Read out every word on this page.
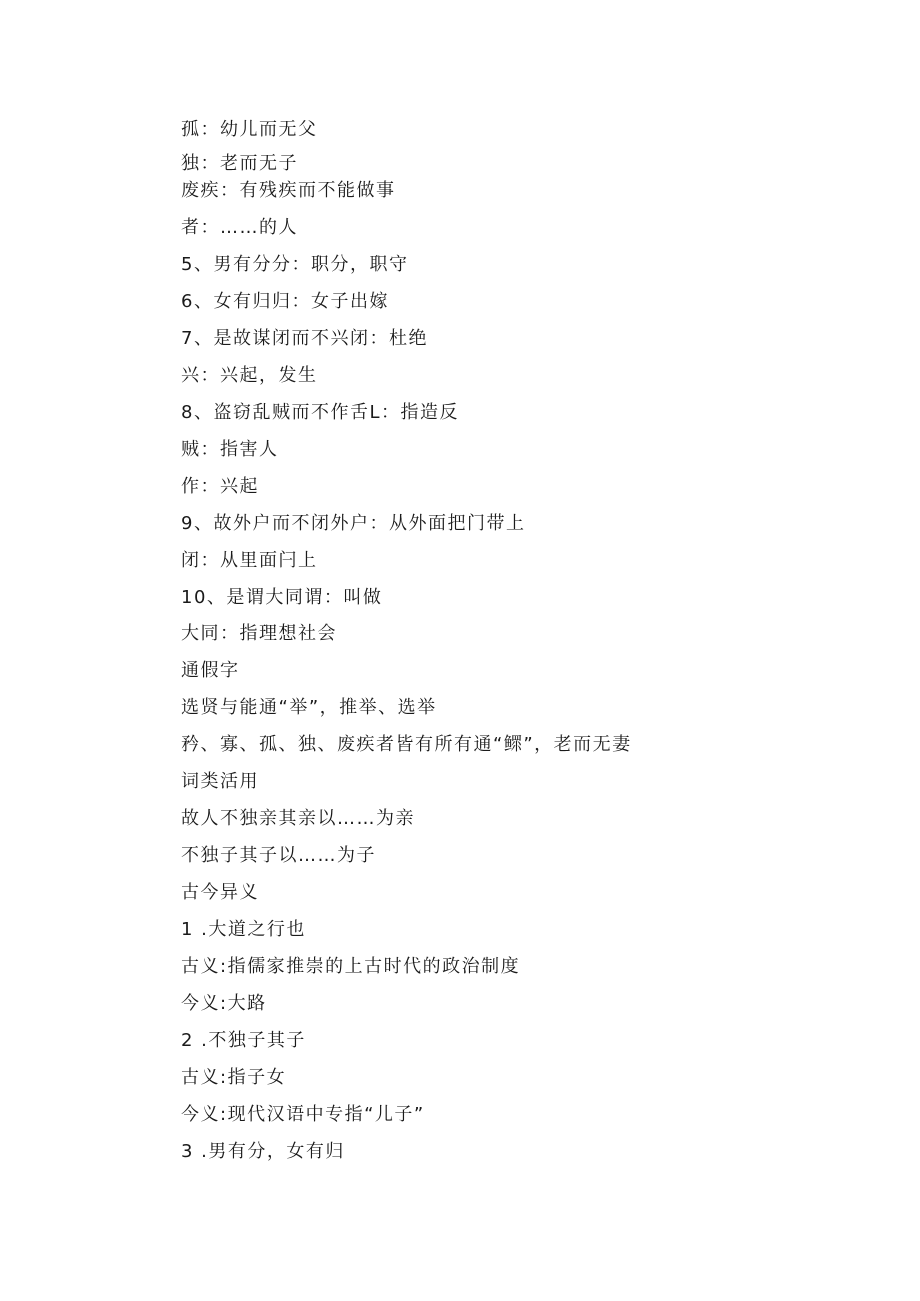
孤：幼儿而无父
独：老而无子
废疾：有残疾而不能做事
者：……的人
5、男有分分：职分，职守
6、女有归归：女子出嫁
7、是故谋闭而不兴闭：杜绝
兴：兴起，发生
8、盗窃乱贼而不作舌L：指造反
贼：指害人
作：兴起
9、故外户而不闭外户：从外面把门带上
闭：从里面闩上
10、是谓大同谓：叫做
大同：指理想社会
通假字
选贤与能通“举”，推举、选举
矜、寡、孤、独、废疾者皆有所有通“鳏”，老而无妻
词类活用
故人不独亲其亲以……为亲
不独子其子以……为子
古今异义
1 .大道之行也
古义:指儒家推崇的上古时代的政治制度
今义:大路
2 .不独子其子
古义:指子女
今义:现代汉语中专指“儿子”
3 .男有分，女有归
